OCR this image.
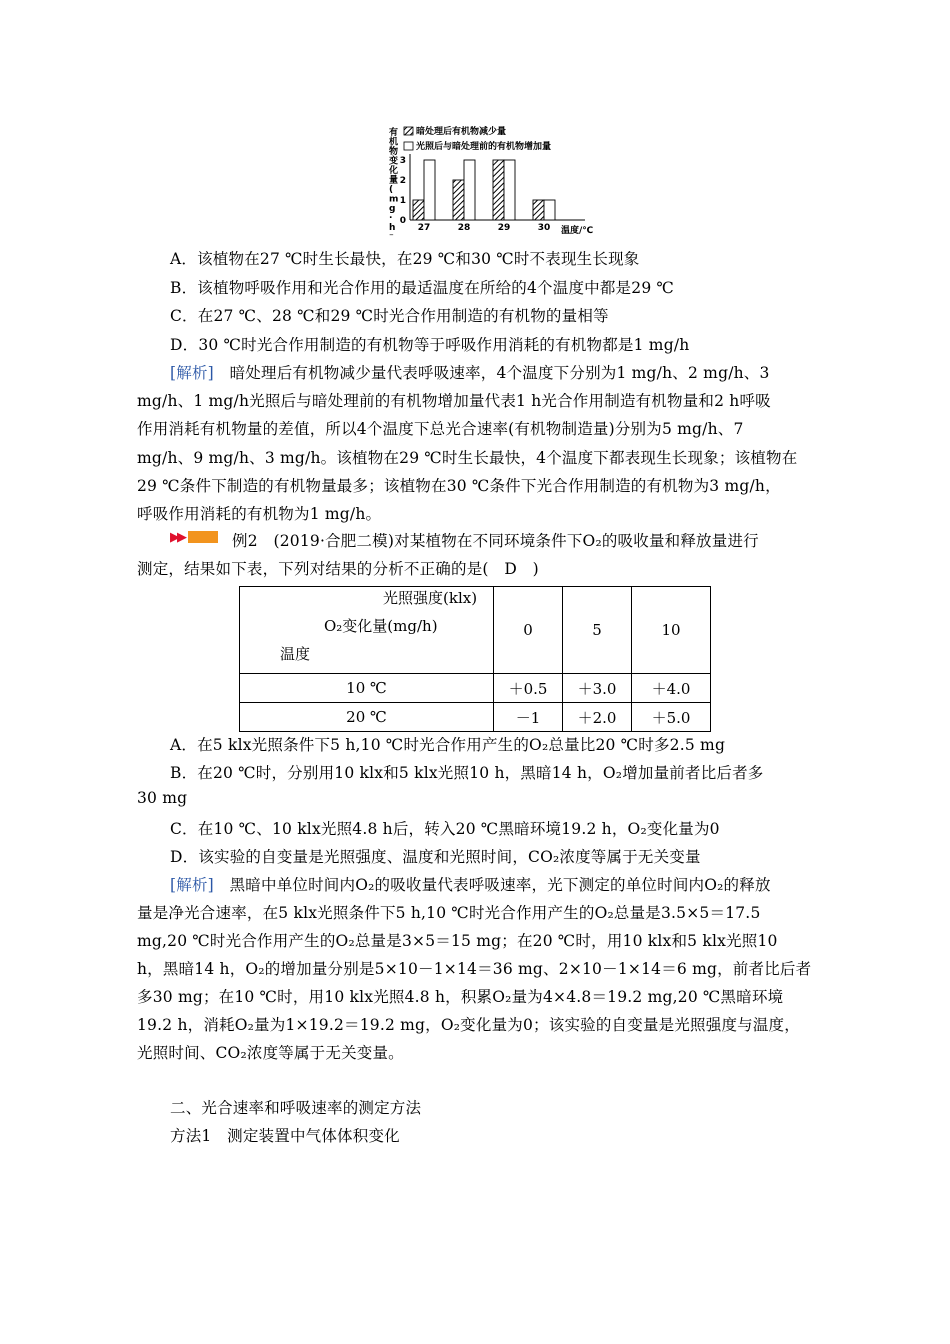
有机物变化量( m g · h ⁻
暗处理后有机物减少量
光照后与暗处理前的有机物增加量
0
1
2
3
27	28	29	30 温度/℃
A．该植物在27 ℃时生长最快，在29 ℃和30 ℃时不表现生长现象
B．该植物呼吸作用和光合作用的最适温度在所给的4个温度中都是29 ℃
C．在27 ℃、28 ℃和29 ℃时光合作用制造的有机物的量相等
D．30 ℃时光合作用制造的有机物等于呼吸作用消耗的有机物都是1 mg/h
[解析]　 暗处理后有机物减少量代表呼吸速率，4个温度下分别为1 mg/h、2 mg/h、3
mg/h、1 mg/h光照后与暗处理前的有机物增加量代表1 h光合作用制造有机物量和2 h呼吸
作用消耗有机物量的差值，所以4个温度下总光合速率(有机物制造量)分别为5 mg/h、7
mg/h、9 mg/h、3 mg/h。该植物在29 ℃时生长最快，4个温度下都表现生长现象；该植物在
29 ℃条件下制造的有机物量最多；该植物在30 ℃条件下光合作用制造的有机物为3 mg/h，
呼吸作用消耗的有机物为1 mg/h。
▶▶	例2　(2019·合肥二模)对某植物在不同环境条件下O₂的吸收量和释放量进行
测定，结果如下表，下列对结果的分析不正确的是(　D　)
光照强度(klx)
O₂变化量(mg/h)
温度	0	5	10
10 ℃	＋0.5	＋3.0	＋4.0
20 ℃	－1	＋2.0	＋5.0
A．在5 klx光照条件下5 h,10 ℃时光合作用产生的O₂总量比20 ℃时多2.5 mg
B．在20 ℃时，分别用10 klx和5 klx光照10 h，黑暗14 h，O₂增加量前者比后者多
30 mg
C．在10 ℃、10 klx光照4.8 h后，转入20 ℃黑暗环境19.2 h，O₂变化量为0
D．该实验的自变量是光照强度、温度和光照时间，CO₂浓度等属于无关变量
[解析]　 黑暗中单位时间内O₂的吸收量代表呼吸速率，光下测定的单位时间内O₂的释放
量是净光合速率，在5 klx光照条件下5 h,10 ℃时光合作用产生的O₂总量是3.5×5＝17.5
mg,20 ℃时光合作用产生的O₂总量是3×5＝15 mg；在20 ℃时，用10 klx和5 klx光照10
h，黑暗14 h，O₂的增加量分别是5×10－1×14＝36 mg、2×10－1×14＝6 mg，前者比后者
多30 mg；在10 ℃时，用10 klx光照4.8 h，积累O₂量为4×4.8＝19.2 mg,20 ℃黑暗环境
19.2 h，消耗O₂量为1×19.2＝19.2 mg，O₂变化量为0；该实验的自变量是光照强度与温度，
光照时间、CO₂浓度等属于无关变量。
二、光合速率和呼吸速率的测定方法
方法1　测定装置中气体体积变化
